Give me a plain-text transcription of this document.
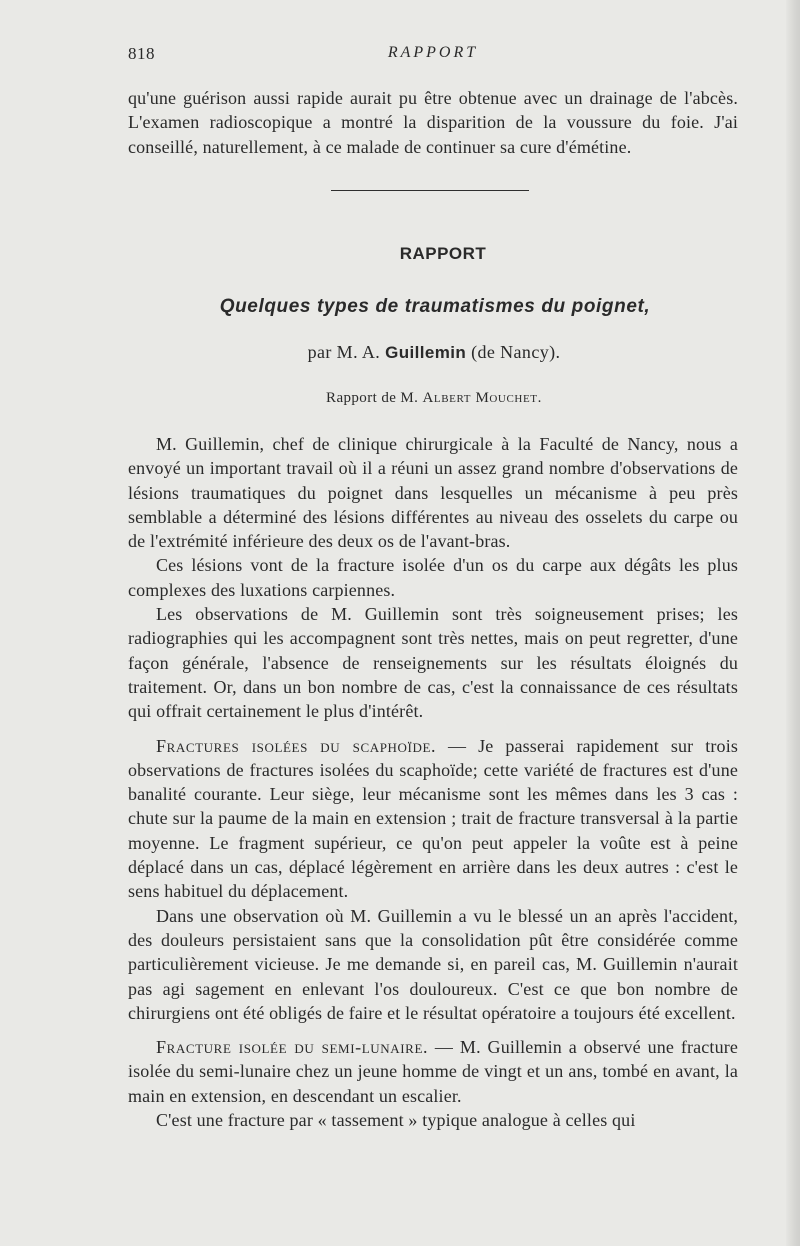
818	RAPPORT

qu'une guérison aussi rapide aurait pu être obtenue avec un drainage de l'abcès. L'examen radioscopique a montré la disparition de la voussure du foie. J'ai conseillé, naturellement, à ce malade de continuer sa cure d'émétine.

RAPPORT
Quelques types de traumatismes du poignet,
par M. A. Guillemin (de Nancy).
Rapport de M. Albert Mouchet.

M. Guillemin, chef de clinique chirurgicale à la Faculté de Nancy, nous a envoyé un important travail où il a réuni un assez grand nombre d'observations de lésions traumatiques du poignet dans lesquelles un mécanisme à peu près semblable a déterminé des lésions différentes au niveau des osselets du carpe ou de l'extrémité inférieure des deux os de l'avant-bras.

Ces lésions vont de la fracture isolée d'un os du carpe aux dégâts les plus complexes des luxations carpiennes.

Les observations de M. Guillemin sont très soigneusement prises; les radiographies qui les accompagnent sont très nettes, mais on peut regretter, d'une façon générale, l'absence de renseignements sur les résultats éloignés du traitement. Or, dans un bon nombre de cas, c'est la connaissance de ces résultats qui offrait certainement le plus d'intérêt.

Fractures isolées du scaphoïde. — Je passerai rapidement sur trois observations de fractures isolées du scaphoïde; cette variété de fractures est d'une banalité courante. Leur siège, leur mécanisme sont les mêmes dans les 3 cas : chute sur la paume de la main en extension ; trait de fracture transversal à la partie moyenne. Le fragment supérieur, ce qu'on peut appeler la voûte est à peine déplacé dans un cas, déplacé légèrement en arrière dans les deux autres : c'est le sens habituel du déplacement.

Dans une observation où M. Guillemin a vu le blessé un an après l'accident, des douleurs persistaient sans que la consolidation pût être considérée comme particulièrement vicieuse. Je me demande si, en pareil cas, M. Guillemin n'aurait pas agi sagement en enlevant l'os douloureux. C'est ce que bon nombre de chirurgiens ont été obligés de faire et le résultat opératoire a toujours été excellent.

Fracture isolée du semi-lunaire. — M. Guillemin a observé une fracture isolée du semi-lunaire chez un jeune homme de vingt et un ans, tombé en avant, la main en extension, en descendant un escalier.

C'est une fracture par « tassement » typique analogue à celles qui
